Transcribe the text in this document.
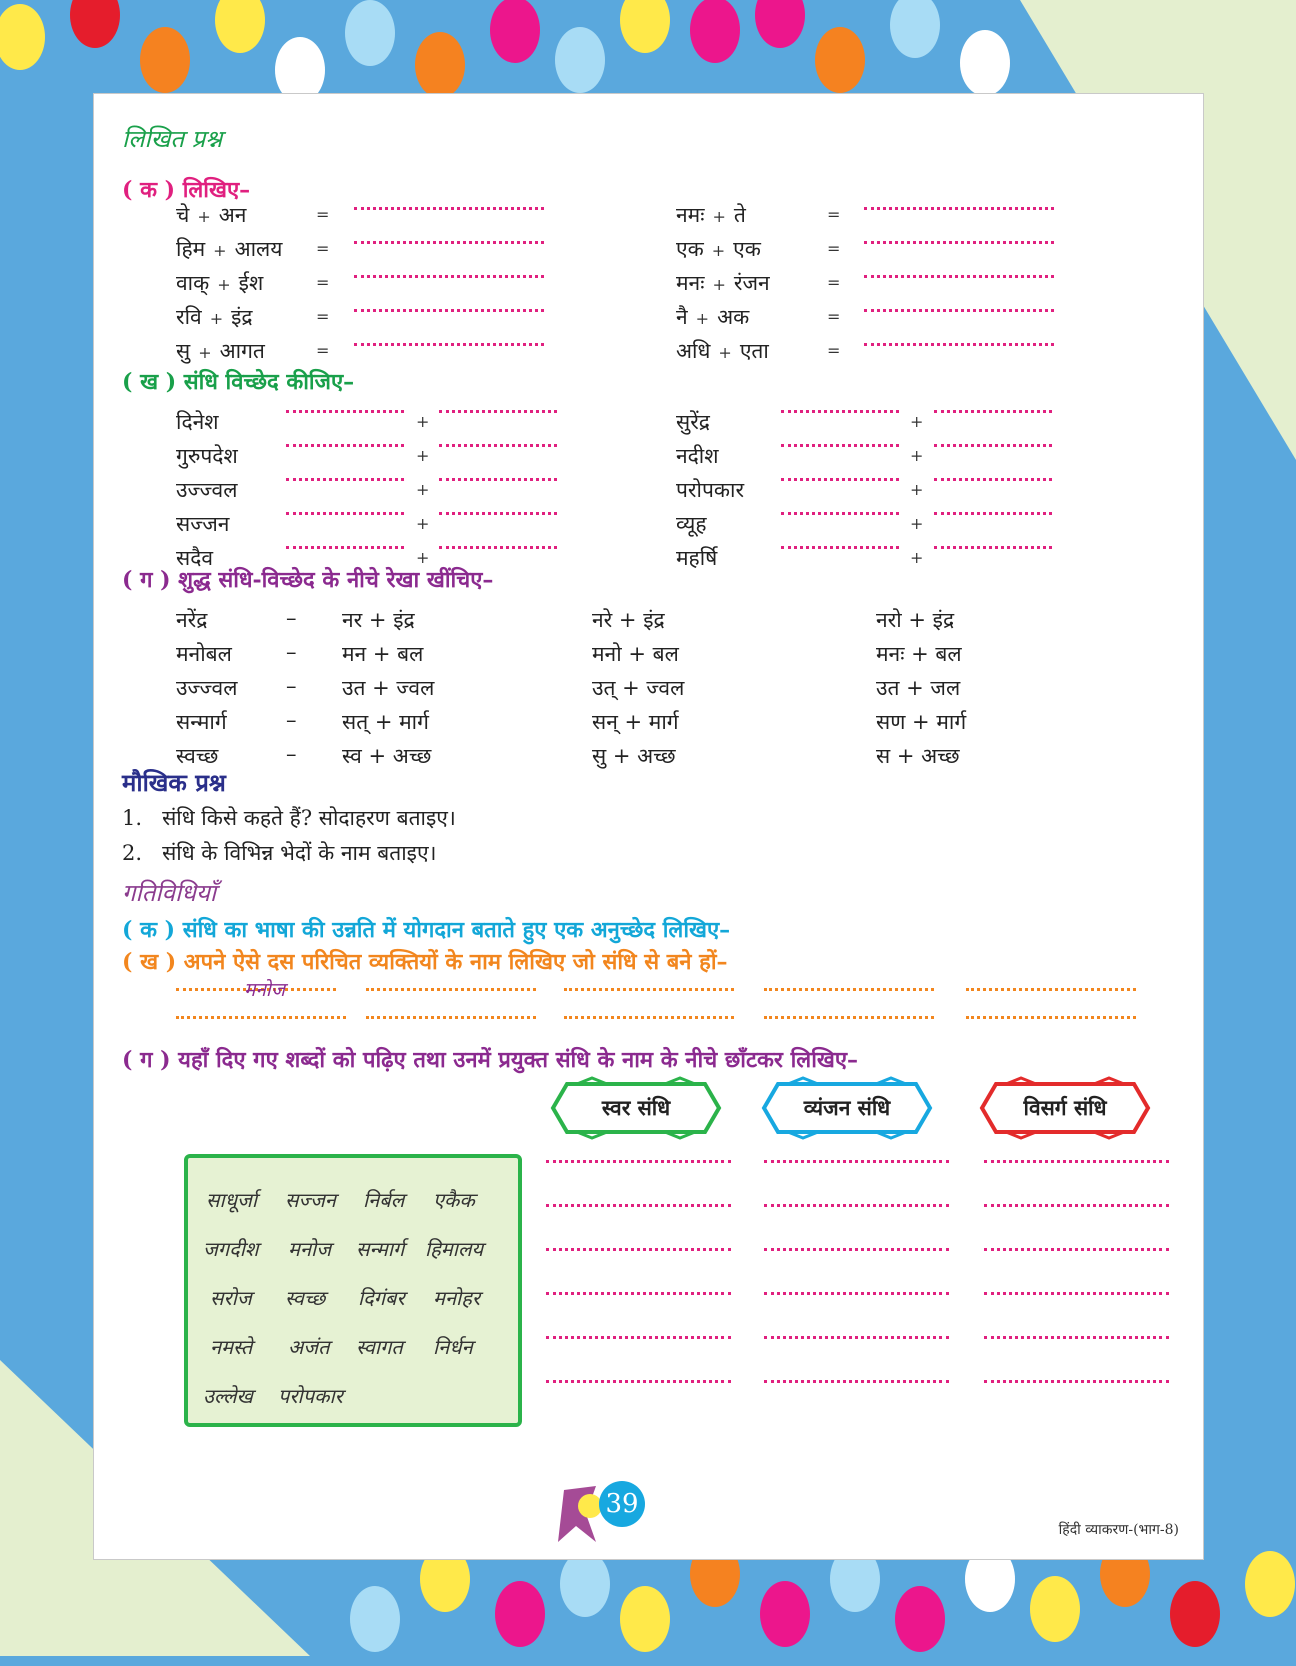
लिखित प्रश्न
( क ) लिखिए–
चे + अन	=	नमः + ते	=
हिम + आलय =	एक + एक	=
वाक् + ईश	=	मनः + रंजन	=
रवि + इंद्र	=	नै + अक	=
सु + आगत	=	अधि + एता	=
( ख ) संधि विच्छेद कीजिए–
दिनेश	+	सुरेंद्र	+
गुरुपदेश	+	नदीश	+
उज्ज्वल	+	परोपकार	+
सज्जन	+	व्यूह	+
सदैव	+	महर्षि	+
( ग ) शुद्ध संधि-विच्छेद के नीचे रेखा खींचिए–
नरेंद्र	– नर + इंद्र	नरे + इंद्र	नरो + इंद्र
मनोबल	– मन + बल	मनो + बल	मनः + बल
उज्ज्वल – उत + ज्वल	उत् + ज्वल	उत + जल
सन्मार्ग	– सत् + मार्ग	सन् + मार्ग	सण + मार्ग
स्वच्छ	– स्व + अच्छ	सु + अच्छ	स + अच्छ
मौखिक प्रश्न
1. संधि किसे कहते हैं? सोदाहरण बताइए।
2. संधि के विभिन्न भेदों के नाम बताइए।
गतिविधियाँ
( क ) संधि का भाषा की उन्नति में योगदान बताते हुए एक अनुच्छेद लिखिए–
( ख ) अपने ऐसे दस परिचित व्यक्तियों के नाम लिखिए जो संधि से बने हों–
मनोज
( ग ) यहाँ दिए गए शब्दों को पढ़िए तथा उनमें प्रयुक्त संधि के नाम के नीचे छाँटकर लिखिए–
साधूर्जा सज्जन निर्बल एकैक
जगदीश मनोज सन्मार्ग हिमालय
सरोज स्वच्छ दिगंबर मनोहर
नमस्ते अजंत स्वागत निर्धन
उल्लेख परोपकार
स्वर संधि	व्यंजन संधि	विसर्ग संधि
39
हिंदी व्याकरण-(भाग-8)
